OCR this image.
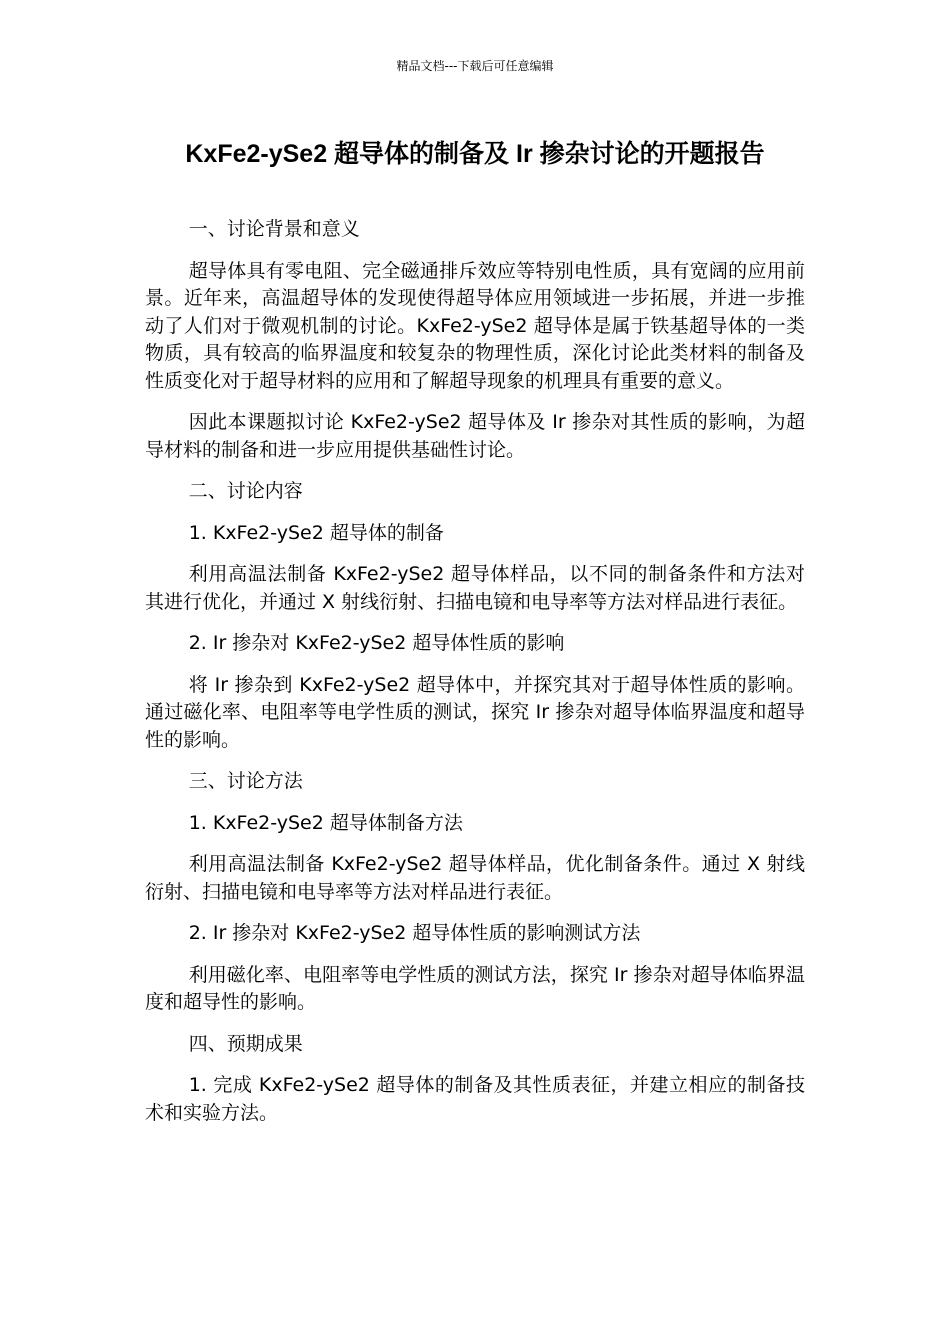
精品文档---下载后可任意编辑
KxFe2-ySe2 超导体的制备及 Ir 掺杂讨论的开题报告

一、讨论背景和意义

超导体具有零电阻、完全磁通排斥效应等特别电性质，具有宽阔的应用前景。近年来，高温超导体的发现使得超导体应用领域进一步拓展，并进一步推动了人们对于微观机制的讨论。KxFe2-ySe2 超导体是属于铁基超导体的一类物质，具有较高的临界温度和较复杂的物理性质，深化讨论此类材料的制备及性质变化对于超导材料的应用和了解超导现象的机理具有重要的意义。

因此本课题拟讨论 KxFe2-ySe2 超导体及 Ir 掺杂对其性质的影响，为超导材料的制备和进一步应用提供基础性讨论。

二、讨论内容

1. KxFe2-ySe2 超导体的制备

利用高温法制备 KxFe2-ySe2 超导体样品，以不同的制备条件和方法对其进行优化，并通过 X 射线衍射、扫描电镜和电导率等方法对样品进行表征。

2. Ir 掺杂对 KxFe2-ySe2 超导体性质的影响

将 Ir 掺杂到 KxFe2-ySe2 超导体中，并探究其对于超导体性质的影响。通过磁化率、电阻率等电学性质的测试，探究 Ir 掺杂对超导体临界温度和超导性的影响。

三、讨论方法

1. KxFe2-ySe2 超导体制备方法

利用高温法制备 KxFe2-ySe2 超导体样品，优化制备条件。通过 X 射线衍射、扫描电镜和电导率等方法对样品进行表征。

2. Ir 掺杂对 KxFe2-ySe2 超导体性质的影响测试方法

利用磁化率、电阻率等电学性质的测试方法，探究 Ir 掺杂对超导体临界温度和超导性的影响。

四、预期成果

1. 完成 KxFe2-ySe2 超导体的制备及其性质表征，并建立相应的制备技术和实验方法。
